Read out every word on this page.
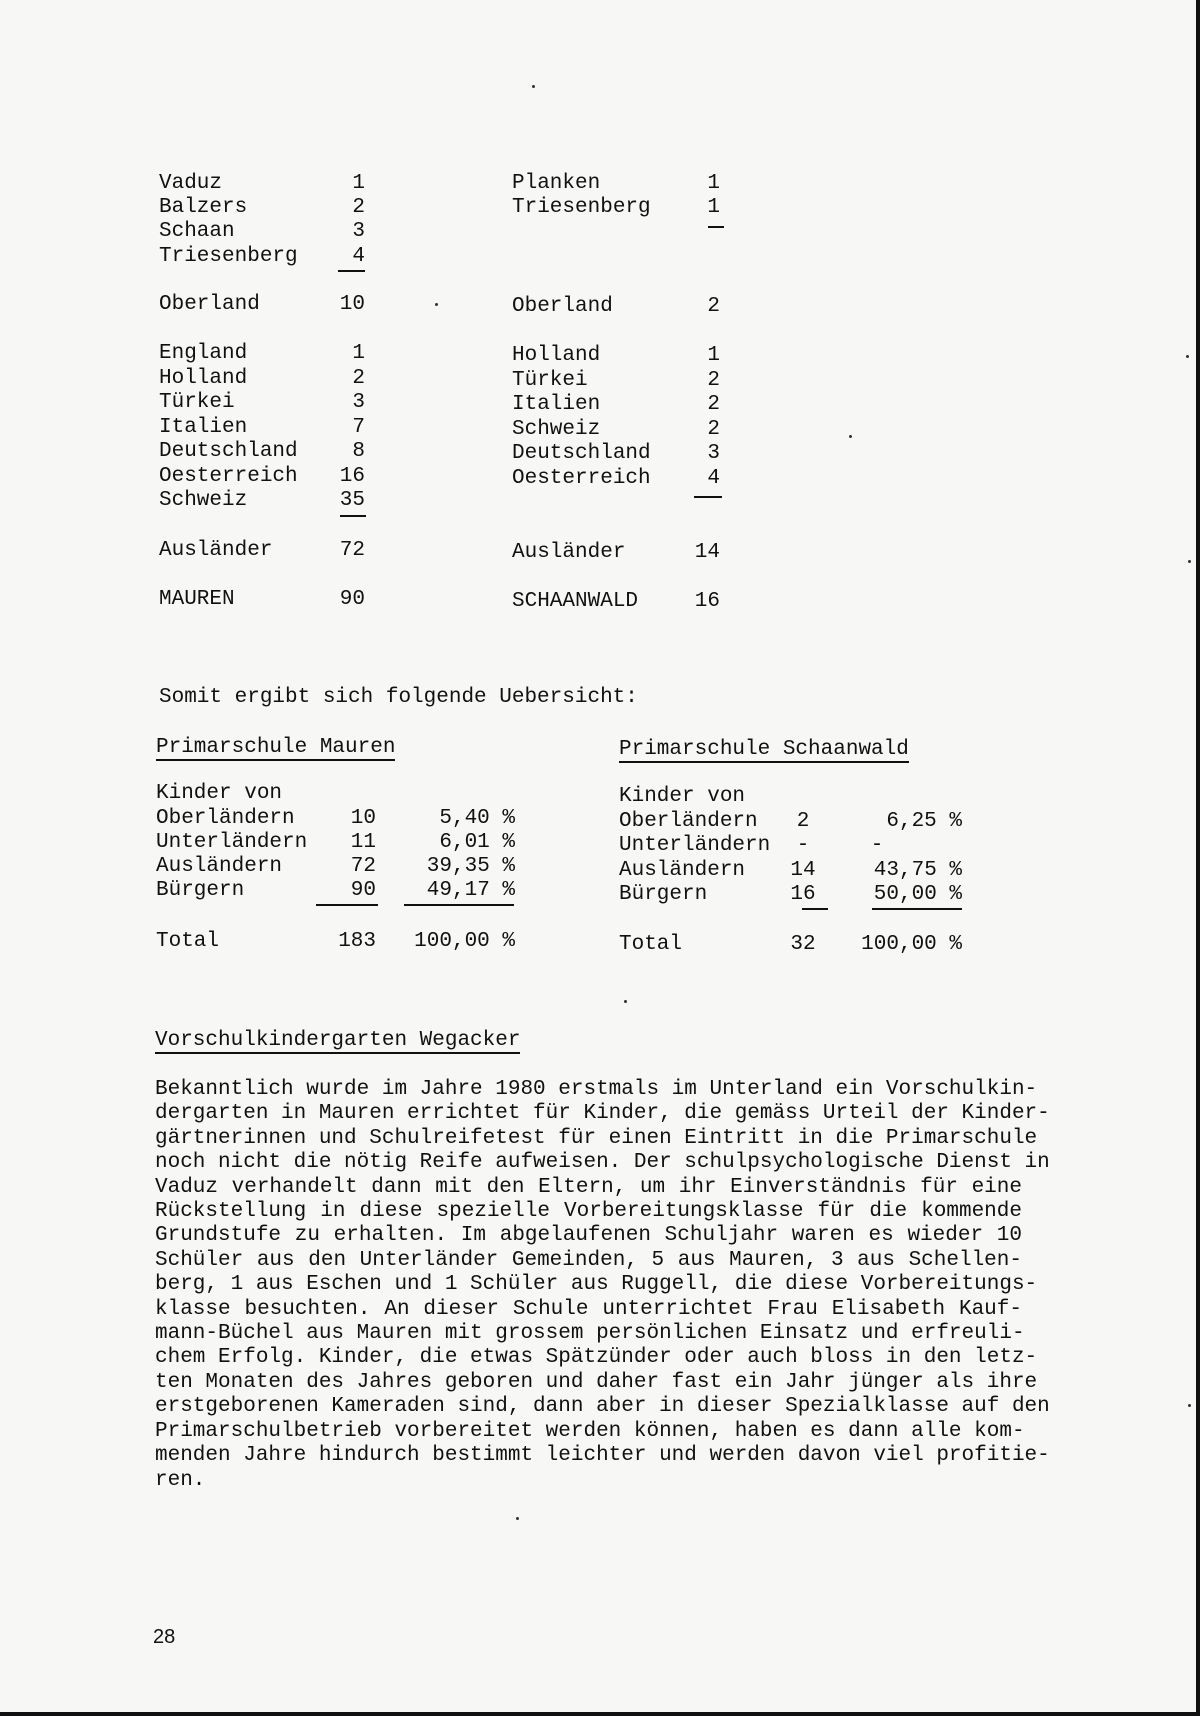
Vaduz	1
Balzers	2
Schaan	3
Triesenberg	4
Oberland	10
England	1
Holland	2
Türkei	3
Italien	7
Deutschland	8
Oesterreich	16
Schweiz	35
Ausländer	72
MAUREN	90
Planken	1
Triesenberg	1
Oberland	2
Holland	1
Türkei	2
Italien	2
Schweiz	2
Deutschland	3
Oesterreich	4
Ausländer	14
SCHAANWALD	16
Somit ergibt sich folgende Uebersicht:
Primarschule Mauren
Kinder von
Oberländern	10	5,40 %
Unterländern	11	6,01 %
Ausländern	72	39,35 %
Bürgern	90	49,17 %
Total	183	100,00 %
Primarschule Schaanwald
Kinder von
Oberländern	2	6,25 %
Unterländern	-	-
Ausländern	14	43,75 %
Bürgern	16	50,00 %
Total	32	100,00 %
Vorschulkindergarten Wegacker
Bekanntlich wurde im Jahre 1980 erstmals im Unterland ein Vorschulkin-
dergarten in Mauren errichtet für Kinder, die gemäss Urteil der Kinder-
gärtnerinnen und Schulreifetest für einen Eintritt in die Primarschule
noch nicht die nötig Reife aufweisen. Der schulpsychologische Dienst in
Vaduz verhandelt dann mit den Eltern, um ihr Einverständnis für eine
Rückstellung in diese spezielle Vorbereitungsklasse für die kommende
Grundstufe zu erhalten. Im abgelaufenen Schuljahr waren es wieder 10
Schüler aus den Unterländer Gemeinden, 5 aus Mauren, 3 aus Schellen-
berg, 1 aus Eschen und 1 Schüler aus Ruggell, die diese Vorbereitungs-
klasse besuchten. An dieser Schule unterrichtet Frau Elisabeth Kauf-
mann-Büchel aus Mauren mit grossem persönlichen Einsatz und erfreuli-
chem Erfolg. Kinder, die etwas Spätzünder oder auch bloss in den letz-
ten Monaten des Jahres geboren und daher fast ein Jahr jünger als ihre
erstgeborenen Kameraden sind, dann aber in dieser Spezialklasse auf den
Primarschulbetrieb vorbereitet werden können, haben es dann alle kom-
menden Jahre hindurch bestimmt leichter und werden davon viel profitie-
ren.
28
